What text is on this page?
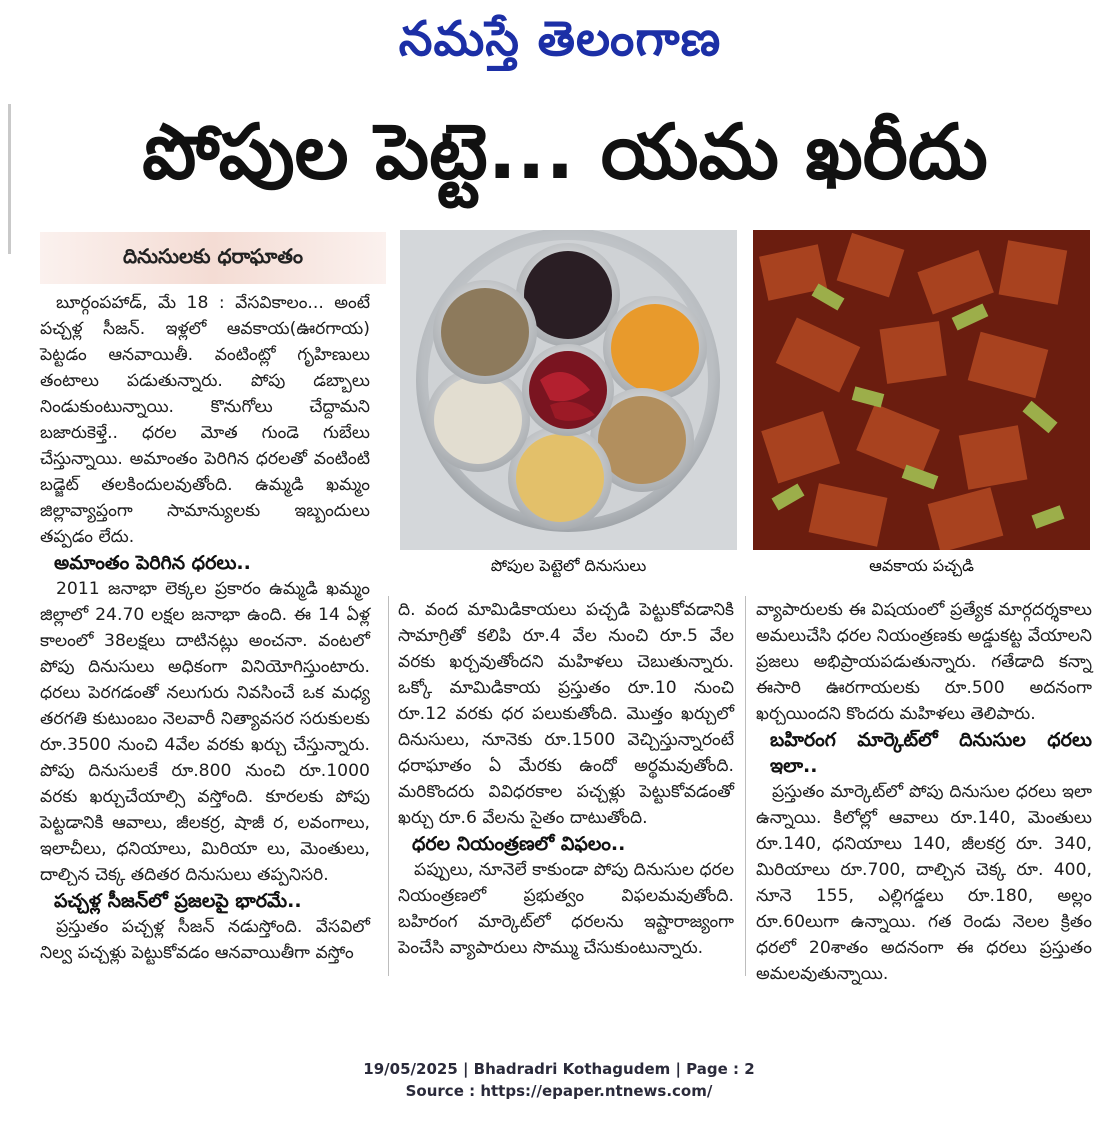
నమస్తే తెలంగాణ
పోపుల పెట్టె... యమ ఖరీదు
దినుసులకు ధరాఘాతం

బూర్గంపహాడ్, మే 18 : వేసవికాలం... అంటే పచ్చళ్ల సీజన్. ఇళ్లలో ఆవకాయ(ఊరగాయ) పెట్టడం ఆనవాయితీ. వంటింట్లో గృహిణులు తంటాలు పడుతున్నారు. పోపు డబ్బాలు నిండుకుంటున్నాయి. కొనుగోలు చేద్దామని బజారుకెళ్తే.. ధరల మోత గుండె గుబేలు చేస్తున్నాయి. అమాంతం పెరిగిన ధరలతో వంటింటి బడ్జెట్ తలకిందులవుతోంది. ఉమ్మడి ఖమ్మం జిల్లావ్యాప్తంగా సామాన్యులకు ఇబ్బందులు తప్పడం లేదు.

అమాంతం పెరిగిన ధరలు..

2011 జనాభా లెక్కల ప్రకారం ఉమ్మడి ఖమ్మం జిల్లాలో 24.70 లక్షల జనాభా ఉంది. ఈ 14 ఏళ్ల కాలంలో 38లక్షలు దాటినట్లు అంచనా. వంటలో పోపు దినుసులు అధికంగా వినియోగిస్తుంటారు. ధరలు పెరగడంతో నలుగురు నివసించే ఒక మధ్య తరగతి కుటుంబం నెలవారీ నిత్యావసర సరుకులకు రూ.3500 నుంచి 4వేల వరకు ఖర్చు చేస్తున్నారు. పోపు దినుసులకే రూ.800 నుంచి రూ.1000 వరకు ఖర్చుచేయాల్సి వస్తోంది. కూరలకు పోపు పెట్టడానికి ఆవాలు, జీలకర్ర, షాజీ ర, లవంగాలు, ఇలాచీలు, ధనియాలు, మిరియా లు, మెంతులు, దాల్చిన చెక్క తదితర దినుసులు తప్పనిసరి.

పచ్చళ్ల సీజన్‌లో ప్రజలపై భారమే..

ప్రస్తుతం పచ్చళ్ల సీజన్ నడుస్తోంది. వేసవిలో నిల్వ పచ్చళ్లు పెట్టుకోవడం ఆనవాయితీగా వస్తోం

పోపుల పెట్టెలో దినుసులు	ఆవకాయ పచ్చడి

ది. వంద మామిడికాయలు పచ్చడి పెట్టుకోవడానికి సామాగ్రితో కలిపి రూ.4 వేల నుంచి రూ.5 వేల వరకు ఖర్చవుతోందని మహిళలు చెబుతున్నారు. ఒక్కో మామిడికాయ ప్రస్తుతం రూ.10 నుంచి రూ.12 వరకు ధర పలుకుతోంది. మొత్తం ఖర్చులో దినుసులు, నూనెకు రూ.1500 వెచ్చిస్తున్నారంటే ధరాఘాతం ఏ మేరకు ఉందో అర్థమవుతోంది. మరికొందరు వివిధరకాల పచ్చళ్లు పెట్టుకోవడంతో ఖర్చు రూ.6 వేలను సైతం దాటుతోంది.

ధరల నియంత్రణలో విఫలం..

పప్పులు, నూనెలే కాకుండా పోపు దినుసుల ధరల నియంత్రణలో ప్రభుత్వం విఫలమవుతోంది. బహిరంగ మార్కెట్‌లో ధరలను ఇష్టారాజ్యంగా పెంచేసి వ్యాపారులు సొమ్ము చేసుకుంటున్నారు.

వ్యాపారులకు ఈ విషయంలో ప్రత్యేక మార్గదర్శకాలు అమలుచేసి ధరల నియంత్రణకు అడ్డుకట్ట వేయాలని ప్రజలు అభిప్రాయపడుతున్నారు. గతేడాది కన్నా ఈసారి ఊరగాయలకు రూ.500 అదనంగా ఖర్చయిందని కొందరు మహిళలు తెలిపారు.

బహిరంగ మార్కెట్‌లో దినుసుల ధరలు ఇలా..

ప్రస్తుతం మార్కెట్‌లో పోపు దినుసుల ధరలు ఇలా ఉన్నాయి. కిలోల్లో ఆవాలు రూ.140, మెంతులు రూ.140, ధనియాలు 140, జీలకర్ర రూ. 340, మిరియాలు రూ.700, దాల్చిన చెక్క రూ. 400, నూనె 155, ఎల్లిగడ్డలు రూ.180, అల్లం రూ.60లుగా ఉన్నాయి. గత రెండు నెలల క్రితం ధరలో 20శాతం అదనంగా ఈ ధరలు ప్రస్తుతం అమలవుతున్నాయి.

19/05/2025 | Bhadradri Kothagudem | Page : 2
Source : https://epaper.ntnews.com/
